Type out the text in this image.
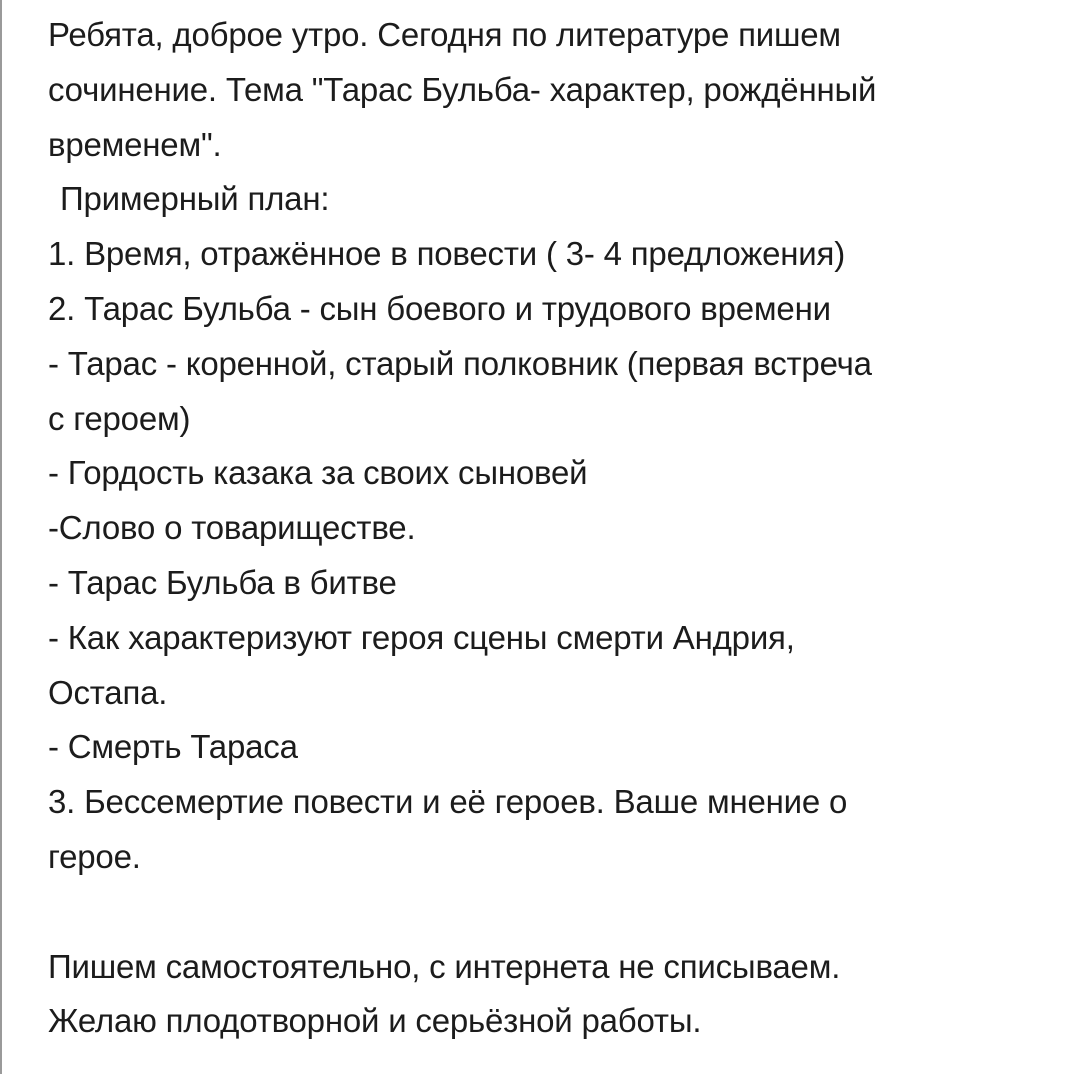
Ребята, доброе утро. Сегодня по литературе пишем
сочинение. Тема "Тарас Бульба- характер, рождённый
временем".
Примерный план:
1. Время, отражённое в повести ( 3- 4 предложения)
2. Тарас Бульба - сын боевого и трудового времени
- Тарас - коренной, старый полковник (первая встреча
с героем)
- Гордость казака за своих сыновей
-Слово о товариществе.
- Тарас Бульба в битве
- Как характеризуют героя сцены смерти Андрия,
Остапа.
- Смерть Тараса
3. Бессемертие повести и её героев. Ваше мнение о
герое.
Пишем самостоятельно, с интернета не списываем.
Желаю плодотворной и серьёзной работы.
